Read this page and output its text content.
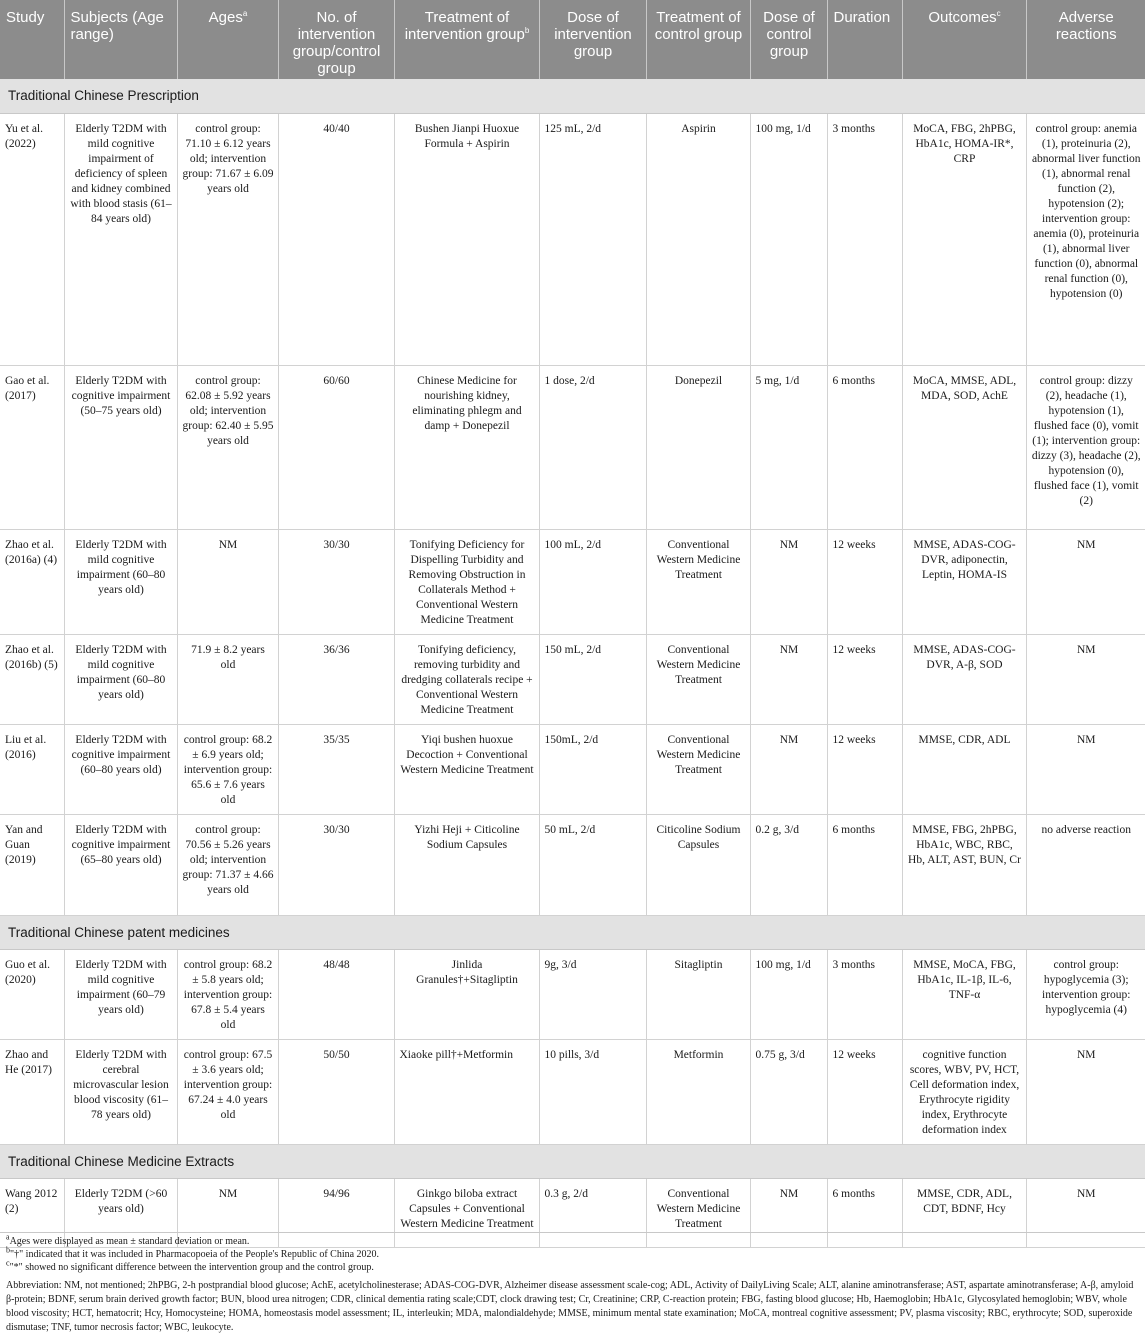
Study	Subjects (Age range)	Ages$^a$	No. of intervention group/control group	Treatment of intervention group$^b$	Dose of intervention group	Treatment of control group	Dose of control group	Duration	Outcomes$^c$	Adverse reactions
Traditional Chinese Prescription										
Yu et al. (2022)	Elderly T2DM with mild cognitive impairment of deficiency of spleen and kidney combined with blood stasis (61–84 years old)	control group: 71.10 ± 6.12 years old; intervention group: 71.67 ± 6.09 years old	40/40	Bushen Jianpi Huoxue Formula + Aspirin	125 mL, 2/d	Aspirin	100 mg, 1/d	3 months	MoCA, FBG, 2hPBG, HbA1c, HOMA-IR*, CRP	control group: anemia (1), proteinuria (2), abnormal liver function (1), abnormal renal function (2), hypotension (2); intervention group: anemia (0), proteinuria (1), abnormal liver function (0), abnormal renal function (0), hypotension (0)
Gao et al. (2017)	Elderly T2DM with cognitive impairment (50–75 years old)	control group: 62.08 ± 5.92 years old; intervention group: 62.40 ± 5.95 years old	60/60	Chinese Medicine for nourishing kidney, eliminating phlegm and damp + Donepezil	1 dose, 2/d	Donepezil	5 mg, 1/d	6 months	MoCA, MMSE, ADL, MDA, SOD, AchE	control group: dizzy (2), headache (1), hypotension (1), flushed face (0), vomit (1); intervention group: dizzy (3), headache (2), hypotension (0), flushed face (1), vomit (2)
Zhao et al. (2016a) (4)	Elderly T2DM with mild cognitive impairment (60–80 years old)	NM	30/30	Tonifying Deficiency for Dispelling Turbidity and Removing Obstruction in Collaterals Method + Conventional Western Medicine Treatment	100 mL, 2/d	Conventional Western Medicine Treatment	NM	12 weeks	MMSE, ADAS-COG-DVR, adiponectin, Leptin, HOMA-IS	NM
Zhao et al. (2016b) (5)	Elderly T2DM with mild cognitive impairment (60–80 years old)	71.9 ± 8.2 years old	36/36	Tonifying deficiency, removing turbidity and dredging collaterals recipe + Conventional Western Medicine Treatment	150 mL, 2/d	Conventional Western Medicine Treatment	NM	12 weeks	MMSE, ADAS-COG-DVR, A-β, SOD	NM
Liu et al. (2016)	Elderly T2DM with cognitive impairment (60–80 years old)	control group: 68.2 ± 6.9 years old; intervention group: 65.6 ± 7.6 years old	35/35	Yiqi bushen huoxue Decoction + Conventional Western Medicine Treatment	150mL, 2/d	Conventional Western Medicine Treatment	NM	12 weeks	MMSE, CDR, ADL	NM
Yan and Guan (2019)	Elderly T2DM with cognitive impairment (65–80 years old)	control group: 70.56 ± 5.26 years old; intervention group: 71.37 ± 4.66 years old	30/30	Yizhi Heji + Citicoline Sodium Capsules	50 mL, 2/d	Citicoline Sodium Capsules	0.2 g, 3/d	6 months	MMSE, FBG, 2hPBG, HbA1c, WBC, RBC, Hb, ALT, AST, BUN, Cr	no adverse reaction
Traditional Chinese patent medicines										
Guo et al. (2020)	Elderly T2DM with mild cognitive impairment (60–79 years old)	control group: 68.2 ± 5.8 years old; intervention group: 67.8 ± 5.4 years old	48/48	Jinlida Granules†+Sitagliptin	9g, 3/d	Sitagliptin	100 mg, 1/d	3 months	MMSE, MoCA, FBG, HbA1c, IL-1β, IL-6, TNF-α	control group: hypoglycemia (3); intervention group: hypoglycemia (4)
Zhao and He (2017)	Elderly T2DM with cerebral microvascular lesion blood viscosity (61–78 years old)	control group: 67.5 ± 3.6 years old; intervention group: 67.24 ± 4.0 years old	50/50	Xiaoke pill†+Metformin	10 pills, 3/d	Metformin	0.75 g, 3/d	12 weeks	cognitive function scores, WBV, PV, HCT, Cell deformation index, Erythrocyte rigidity index, Erythrocyte deformation index	NM
Traditional Chinese Medicine Extracts										
Wang 2012 (2)	Elderly T2DM (>60 years old)	NM	94/96	Ginkgo biloba extract Capsules + Conventional Western Medicine Treatment	0.3 g, 2/d	Conventional Western Medicine Treatment	NM	6 months	MMSE, CDR, ADL, CDT, BDNF, Hcy	NM
$^a$Ages were displayed as mean ± standard deviation or mean.
$^b$"†" indicated that it was included in Pharmacopoeia of the People's Republic of China 2020.
$^c$"*" showed no significant difference between the intervention group and the control group.
Abbreviation: NM, not mentioned; 2hPBG, 2-h postprandial blood glucose; AchE, acetylcholinesterase; ADAS-COG-DVR, Alzheimer disease assessment scale-cog; ADL, Activity of DailyLiving Scale; ALT, alanine aminotransferase; AST, aspartate aminotransferase; A-β, amyloid β-protein; BDNF, serum brain derived growth factor; BUN, blood urea nitrogen; CDR, clinical dementia rating scale;CDT, clock drawing test; Cr, Creatinine; CRP, C-reaction protein; FBG, fasting blood glucose; Hb, Haemoglobin; HbA1c, Glycosylated hemoglobin; WBV, whole blood viscosity; HCT, hematocrit; Hcy, Homocysteine; HOMA, homeostasis model assessment; IL, interleukin; MDA, malondialdehyde; MMSE, minimum mental state examination; MoCA, montreal cognitive assessment; PV, plasma viscosity; RBC, erythrocyte; SOD, superoxide dismutase; TNF, tumor necrosis factor; WBC, leukocyte.
